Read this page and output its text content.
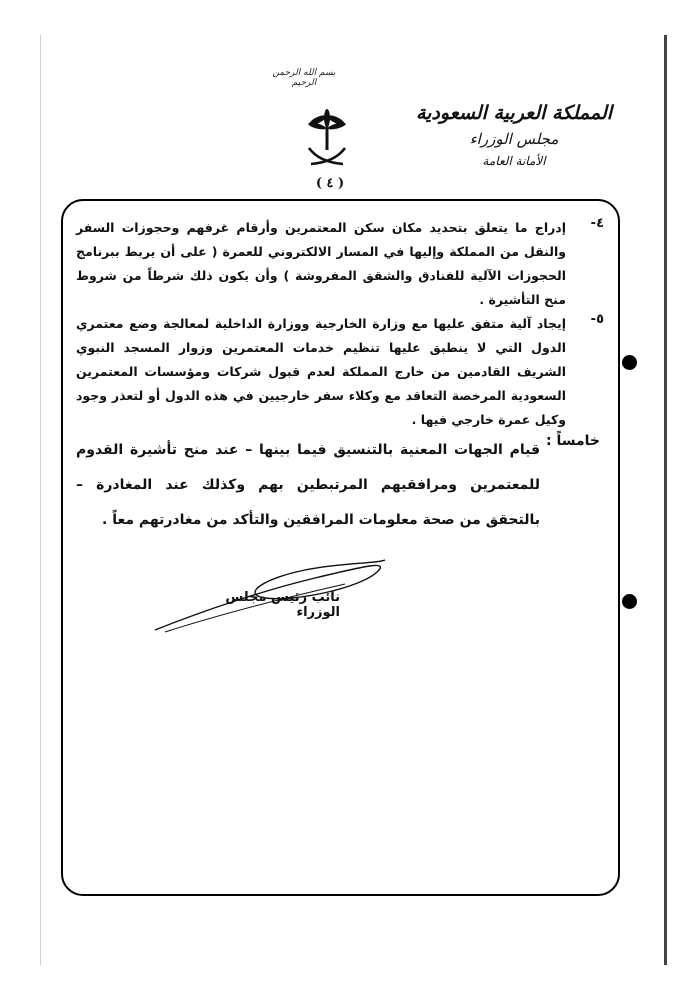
بسم الله الرحمن الرحيم
( ٤ )
المملكة العربية السعودية
مجلس الوزراء
الأمانة العامة
٤-
إدراج ما يتعلق بتحديد مكان سكن المعتمرين وأرقام غرفهم وحجوزات السفر والنقل من المملكة وإليها في المسار الالكتروني للعمرة ( على أن يربط ببرنامج الحجوزات الآلية للفنادق والشقق المفروشة ) وأن يكون ذلك شرطاً من شروط منح التأشيرة .
٥-
إيجاد آلية متفق عليها مع وزارة الخارجية ووزارة الداخلية لمعالجة وضع معتمري الدول التي لا ينطبق عليها تنظيم خدمات المعتمرين وزوار المسجد النبوي الشريف القادمين من خارج المملكة لعدم قبول شركات ومؤسسات المعتمرين السعودية المرخصة التعاقد مع وكلاء سفر خارجيين في هذه الدول أو لتعذر وجود وكيل عمرة خارجي فيها .
خامساً :
قيام الجهات المعنية بالتنسيق فيما بينها – عند منح تأشيرة القدوم للمعتمرين ومرافقيهم المرتبطين بهم وكذلك عند المغادرة – بالتحقق من صحة معلومات المرافقين والتأكد من مغادرتهم معاً .
نائب رئيس مجلس الوزراء
